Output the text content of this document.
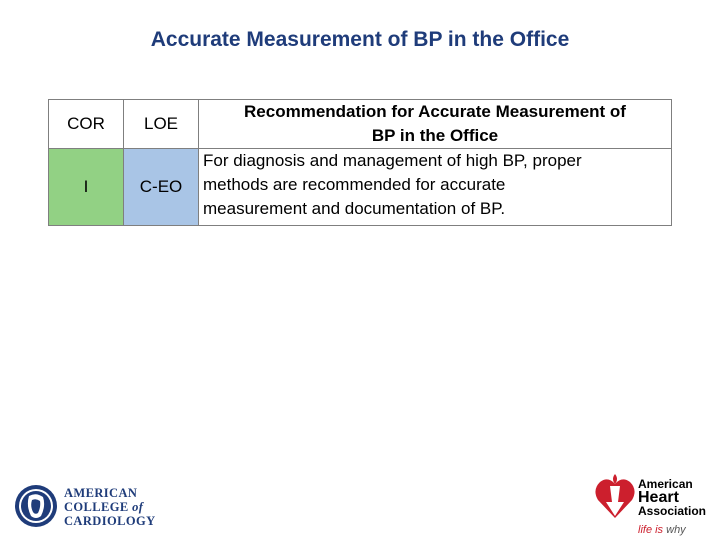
Accurate Measurement of BP in the Office
COR	LOE	Recommendation for Accurate Measurement of
BP in the Office

I	C-EO	For diagnosis and management of high BP, proper
methods are recommended for accurate
measurement and documentation of BP.
AMERICAN
COLLEGE of
CARDIOLOGY
American
Heart
Association
life is why
